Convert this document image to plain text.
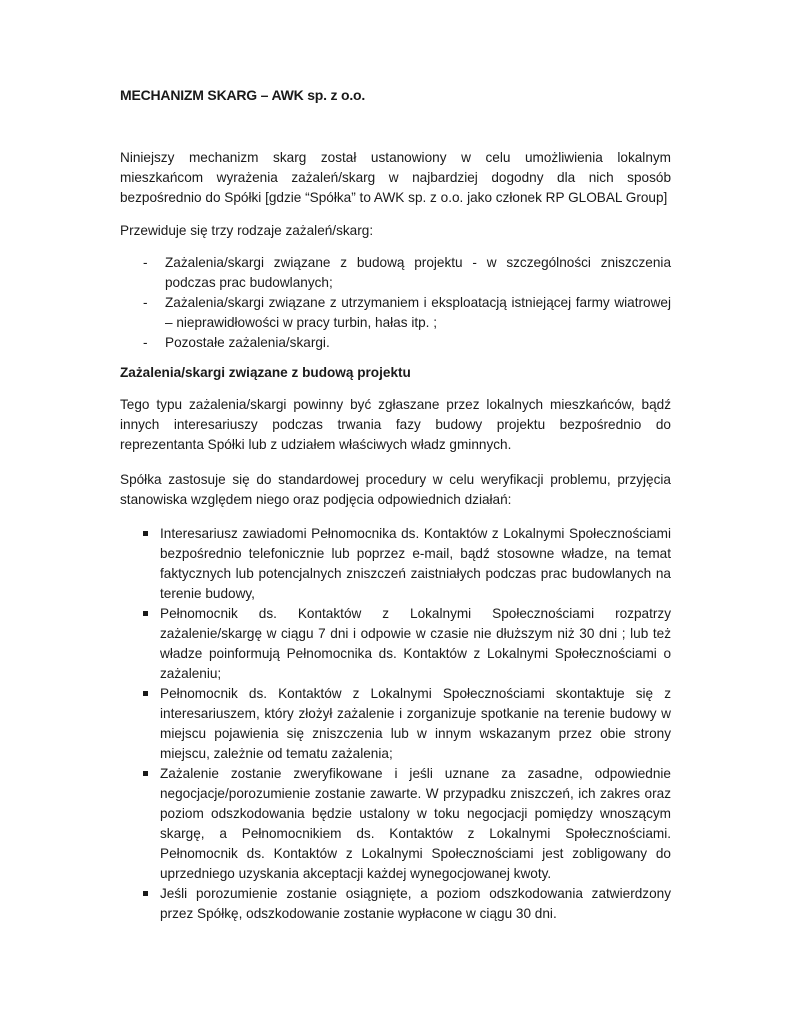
MECHANIZM SKARG – AWK sp. z o.o.

Niniejszy mechanizm skarg został ustanowiony w celu umożliwienia lokalnym mieszkańcom wyrażenia zażaleń/skarg w najbardziej dogodny dla nich sposób bezpośrednio do Spółki [gdzie “Spółka” to AWK sp. z o.o. jako członek RP GLOBAL Group]

Przewiduje się trzy rodzaje zażaleń/skarg:

- Zażalenia/skargi związane z budową projektu - w szczególności zniszczenia podczas prac budowlanych;
- Zażalenia/skargi związane z utrzymaniem i eksploatacją istniejącej farmy wiatrowej – nieprawidłowości w pracy turbin, hałas itp. ;
- Pozostałe zażalenia/skargi.
Zażalenia/skargi związane z budową projektu

Tego typu zażalenia/skargi powinny być zgłaszane przez lokalnych mieszkańców, bądź innych interesariuszy podczas trwania fazy budowy projektu bezpośrednio do reprezentanta Spółki lub z udziałem właściwych władz gminnych.

Spółka zastosuje się do standardowej procedury w celu weryfikacji problemu, przyjęcia stanowiska względem niego oraz podjęcia odpowiednich działań:

Interesariusz zawiadomi Pełnomocnika ds. Kontaktów z Lokalnymi Społecznościami bezpośrednio telefonicznie lub poprzez e-mail, bądź stosowne władze, na temat faktycznych lub potencjalnych zniszczeń zaistniałych podczas prac budowlanych na terenie budowy,
Pełnomocnik ds. Kontaktów z Lokalnymi Społecznościami rozpatrzy zażalenie/skargę w ciągu 7 dni i odpowie w czasie nie dłuższym niż 30 dni ; lub też władze poinformują Pełnomocnika ds. Kontaktów z Lokalnymi Społecznościami o zażaleniu;
Pełnomocnik ds. Kontaktów z Lokalnymi Społecznościami skontaktuje się z interesariuszem, który złożył zażalenie i zorganizuje spotkanie na terenie budowy w miejscu pojawienia się zniszczenia lub w innym wskazanym przez obie strony miejscu, zależnie od tematu zażalenia;
Zażalenie zostanie zweryfikowane i jeśli uznane za zasadne, odpowiednie negocjacje/porozumienie zostanie zawarte. W przypadku zniszczeń, ich zakres oraz poziom odszkodowania będzie ustalony w toku negocjacji pomiędzy wnoszącym skargę, a Pełnomocnikiem ds. Kontaktów z Lokalnymi Społecznościami. Pełnomocnik ds. Kontaktów z Lokalnymi Społecznościami jest zobligowany do uprzedniego uzyskania akceptacji każdej wynegocjowanej kwoty.
Jeśli porozumienie zostanie osiągnięte, a poziom odszkodowania zatwierdzony przez Spółkę, odszkodowanie zostanie wypłacone w ciągu 30 dni.
